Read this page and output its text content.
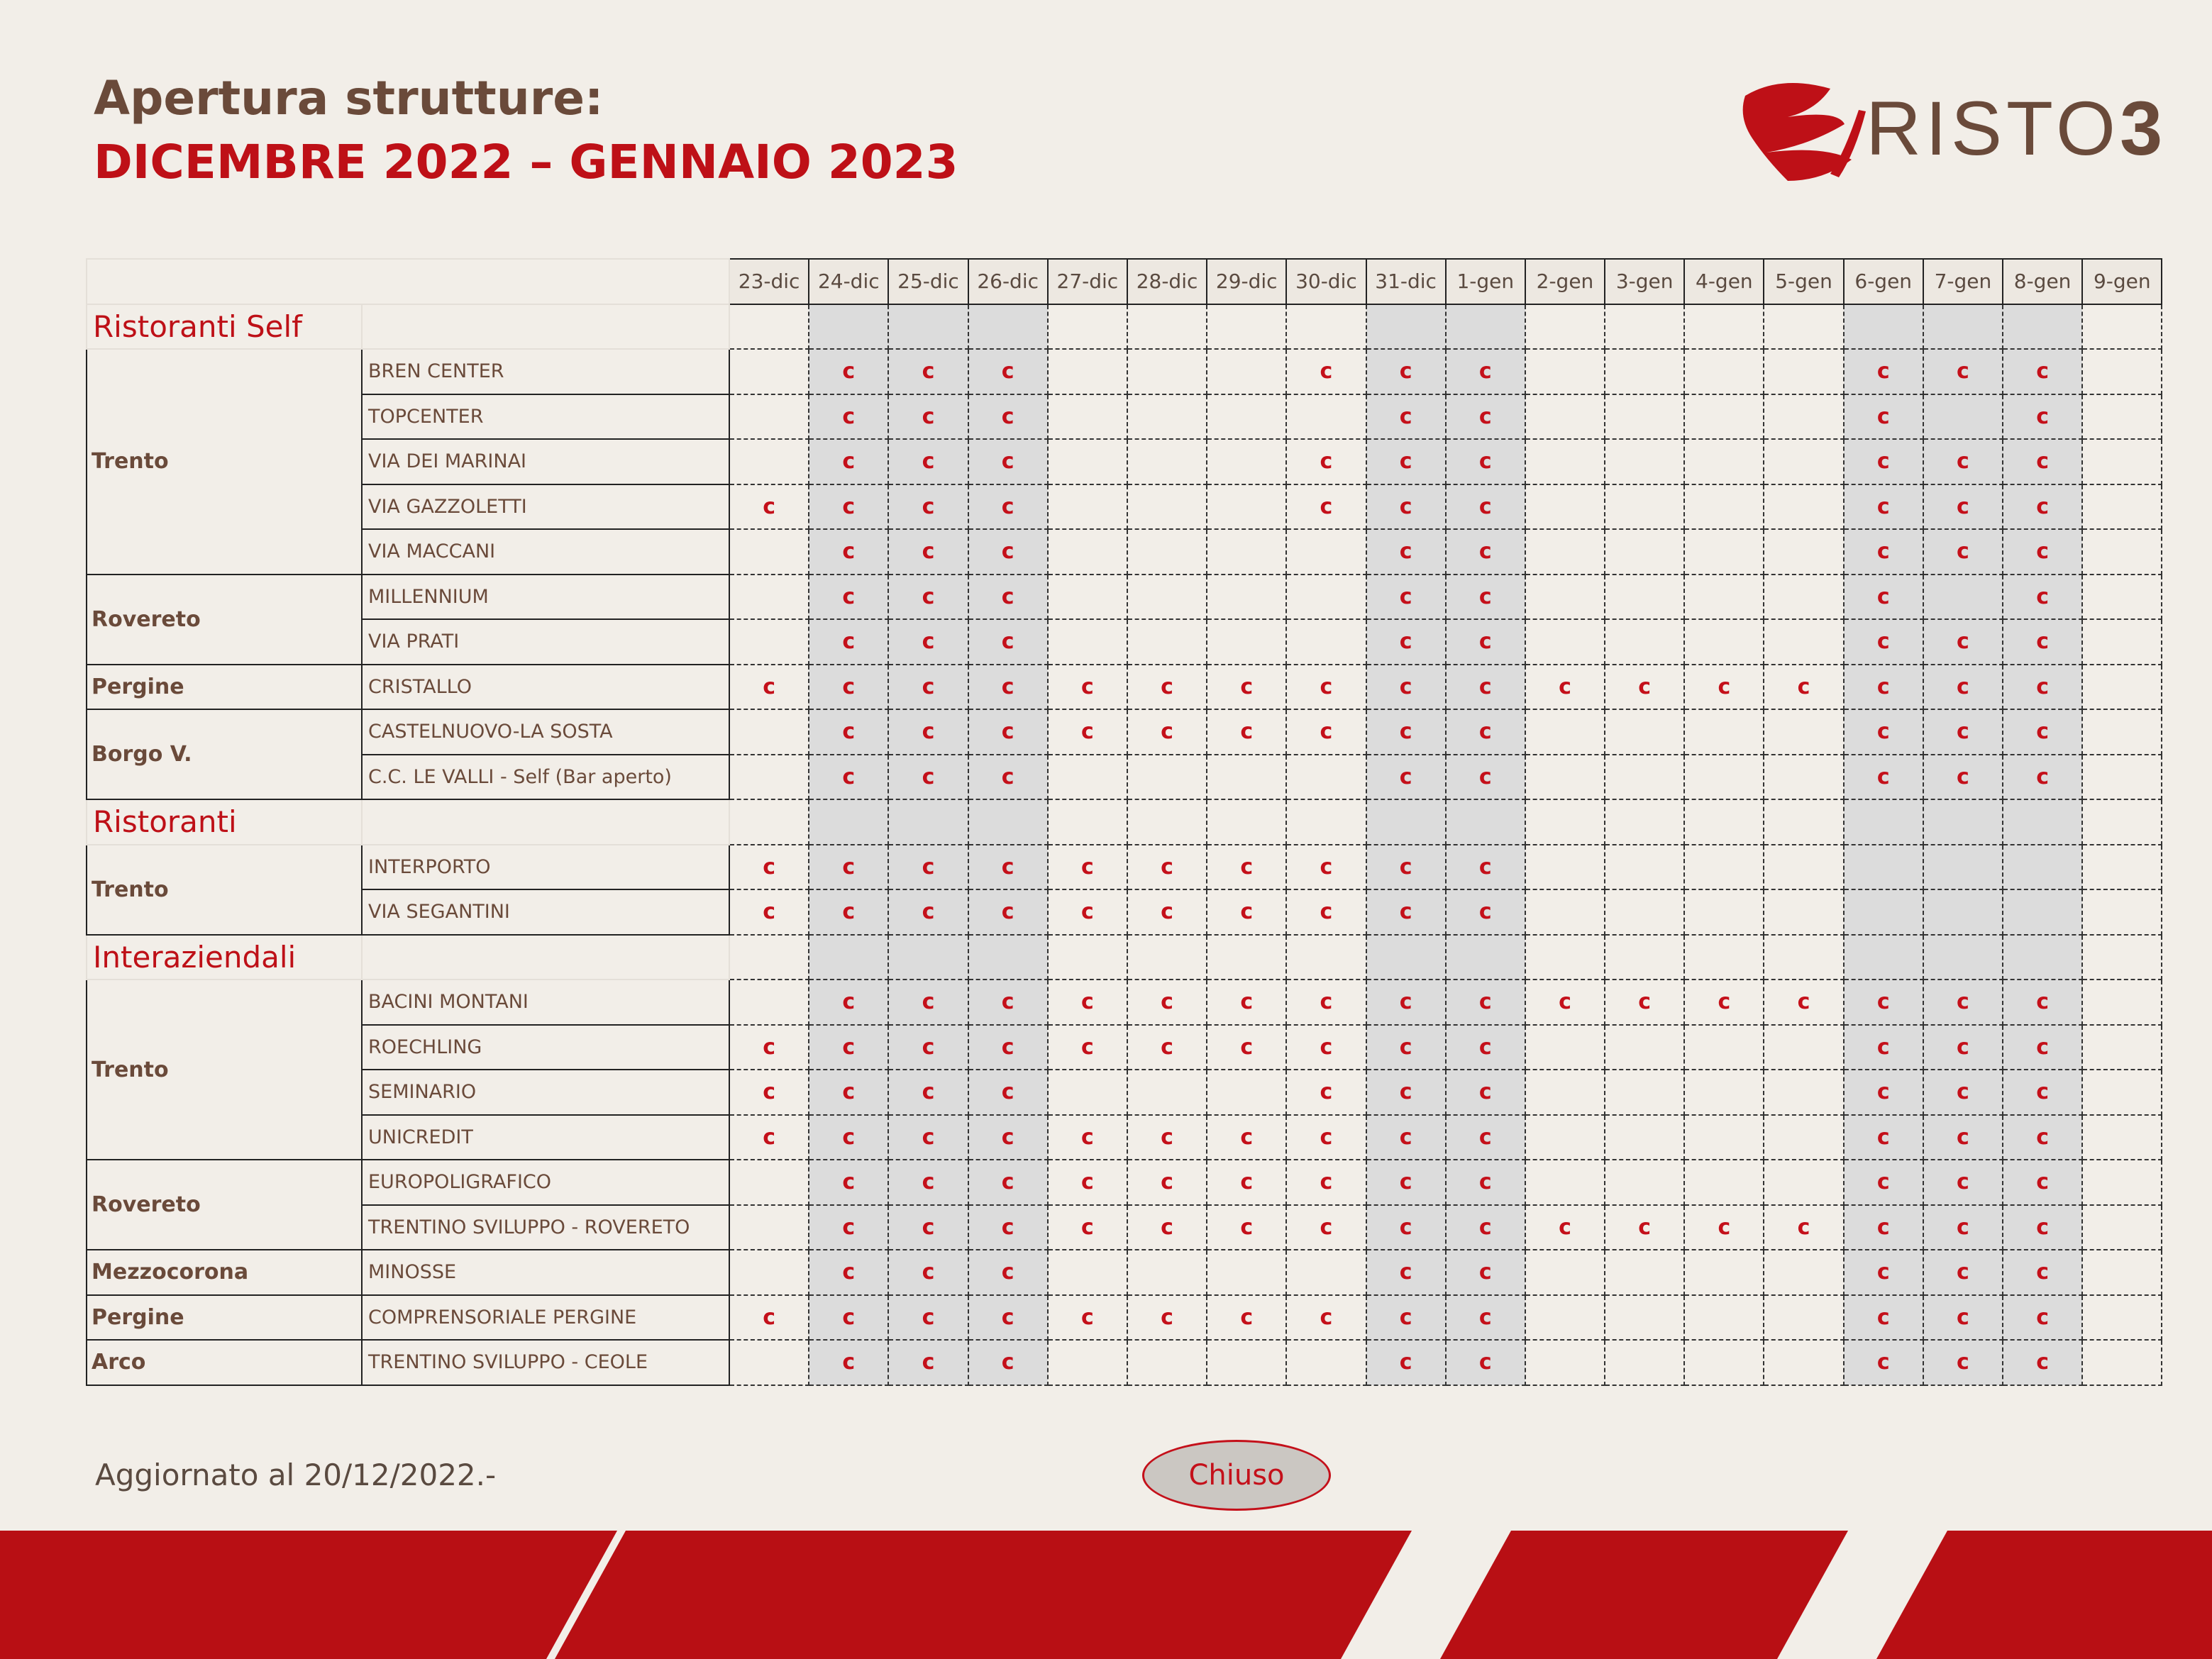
Apertura strutture:
DICEMBRE 2022 – GENNAIO 2023	RISTO3
		23-dic	24-dic	25-dic	26-dic	27-dic	28-dic	29-dic	30-dic	31-dic	1-gen	2-gen	3-gen	4-gen	5-gen	6-gen	7-gen	8-gen	9-gen
Ristoranti Self																			
Trento	BREN CENTER		c	c	c				c	c	c					c	c	c	
	TOPCENTER		c	c	c					c	c					c		c	
	VIA DEI MARINAI		c	c	c				c	c	c					c	c	c	
	VIA GAZZOLETTI	c	c	c	c				c	c	c					c	c	c	
	VIA MACCANI		c	c	c					c	c					c	c	c	
Rovereto	MILLENNIUM		c	c	c					c	c					c		c	
	VIA PRATI		c	c	c					c	c					c	c	c	
Pergine	CRISTALLO	c	c	c	c	c	c	c	c	c	c	c	c	c	c	c	c	c	
Borgo V.	CASTELNUOVO-LA SOSTA		c	c	c	c	c	c	c	c	c					c	c	c	
	C.C. LE VALLI - Self (Bar aperto)		c	c	c					c	c					c	c	c	
Ristoranti																			
Trento	INTERPORTO	c	c	c	c	c	c	c	c	c	c								
	VIA SEGANTINI	c	c	c	c	c	c	c	c	c	c								
Interaziendali																			
Trento	BACINI MONTANI		c	c	c	c	c	c	c	c	c	c	c	c	c	c	c	c	
	ROECHLING	c	c	c	c	c	c	c	c	c	c					c	c	c	
	SEMINARIO	c	c	c	c				c	c	c					c	c	c	
	UNICREDIT	c	c	c	c	c	c	c	c	c	c					c	c	c	
Rovereto	EUROPOLIGRAFICO		c	c	c	c	c	c	c	c	c					c	c	c	
	TRENTINO SVILUPPO - ROVERETO		c	c	c	c	c	c	c	c	c	c	c	c	c	c	c	c	
Mezzocorona	MINOSSE		c	c	c					c	c					c	c	c	
Pergine	COMPRENSORIALE PERGINE	c	c	c	c	c	c	c	c	c	c					c	c	c	
Arco	TRENTINO SVILUPPO - CEOLE		c	c	c					c	c					c	c	c	
Aggiornato al 20/12/2022.-	Chiuso
